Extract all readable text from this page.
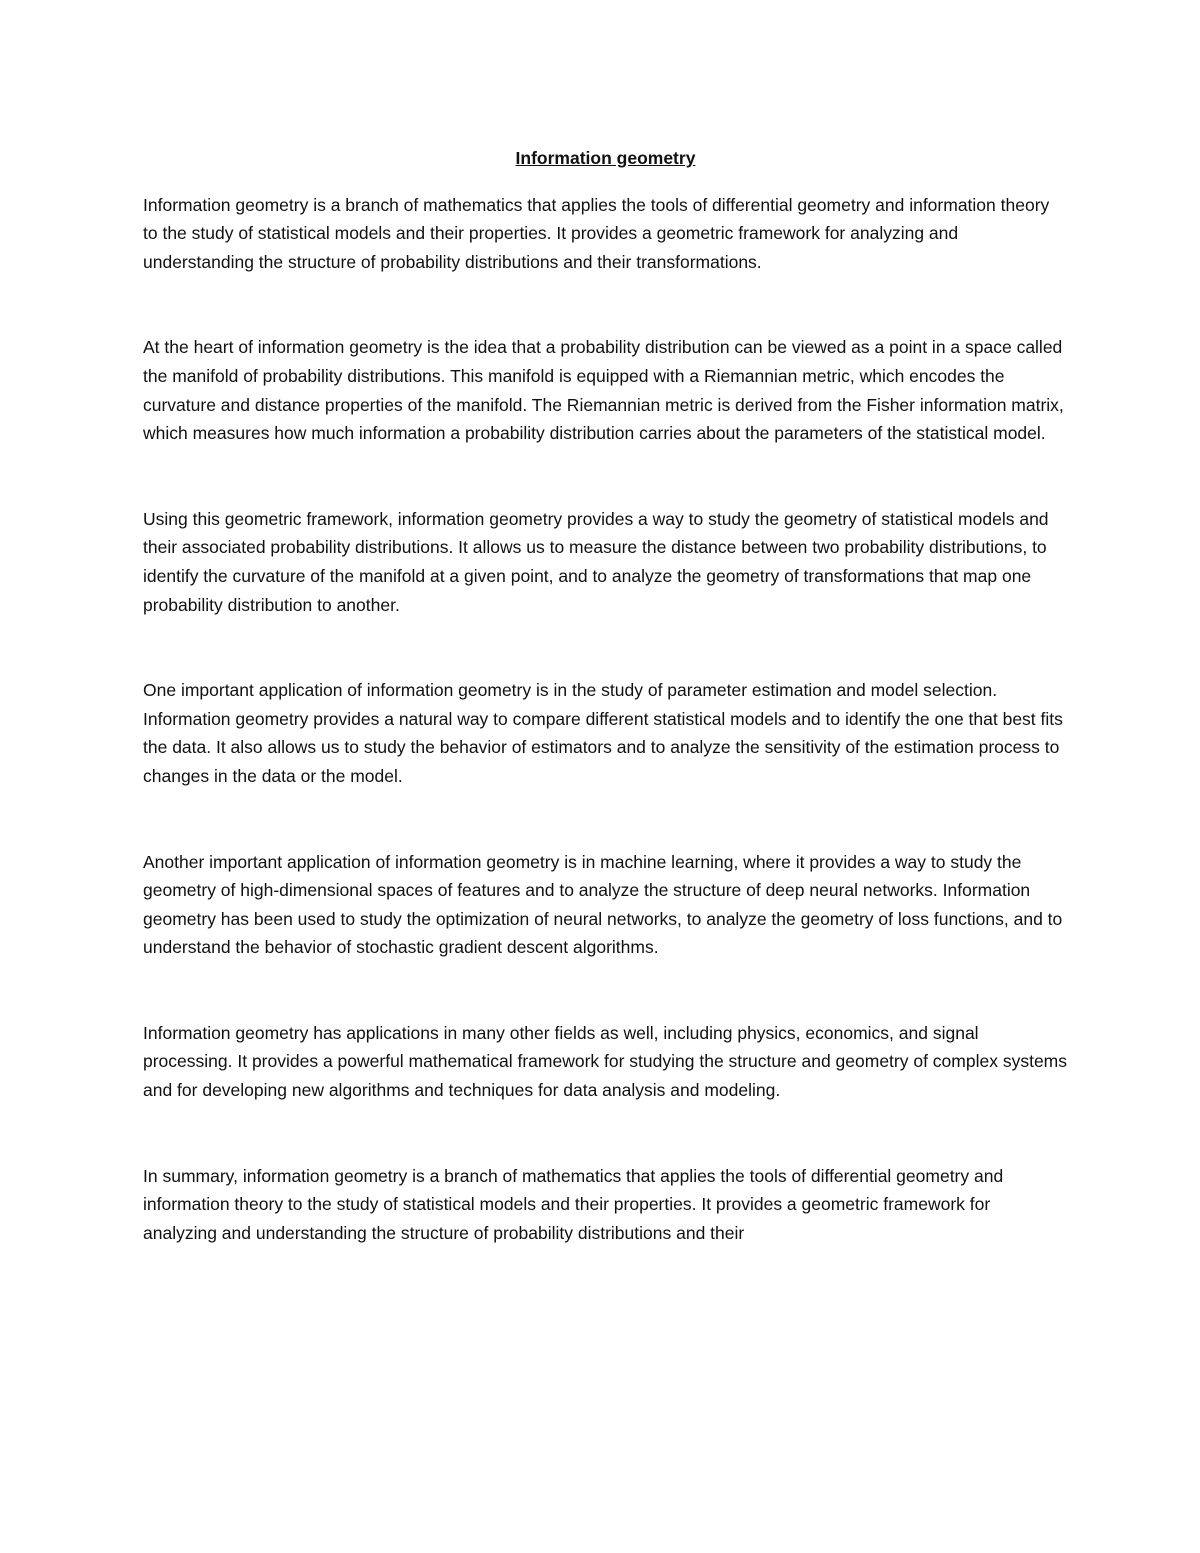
Information geometry

Information geometry is a branch of mathematics that applies the tools of differential geometry and information theory to the study of statistical models and their properties. It provides a geometric framework for analyzing and understanding the structure of probability distributions and their transformations.

At the heart of information geometry is the idea that a probability distribution can be viewed as a point in a space called the manifold of probability distributions. This manifold is equipped with a Riemannian metric, which encodes the curvature and distance properties of the manifold. The Riemannian metric is derived from the Fisher information matrix, which measures how much information a probability distribution carries about the parameters of the statistical model.

Using this geometric framework, information geometry provides a way to study the geometry of statistical models and their associated probability distributions. It allows us to measure the distance between two probability distributions, to identify the curvature of the manifold at a given point, and to analyze the geometry of transformations that map one probability distribution to another.

One important application of information geometry is in the study of parameter estimation and model selection. Information geometry provides a natural way to compare different statistical models and to identify the one that best fits the data. It also allows us to study the behavior of estimators and to analyze the sensitivity of the estimation process to changes in the data or the model.

Another important application of information geometry is in machine learning, where it provides a way to study the geometry of high-dimensional spaces of features and to analyze the structure of deep neural networks. Information geometry has been used to study the optimization of neural networks, to analyze the geometry of loss functions, and to understand the behavior of stochastic gradient descent algorithms.

Information geometry has applications in many other fields as well, including physics, economics, and signal processing. It provides a powerful mathematical framework for studying the structure and geometry of complex systems and for developing new algorithms and techniques for data analysis and modeling.

In summary, information geometry is a branch of mathematics that applies the tools of differential geometry and information theory to the study of statistical models and their properties. It provides a geometric framework for analyzing and understanding the structure of probability distributions and their
